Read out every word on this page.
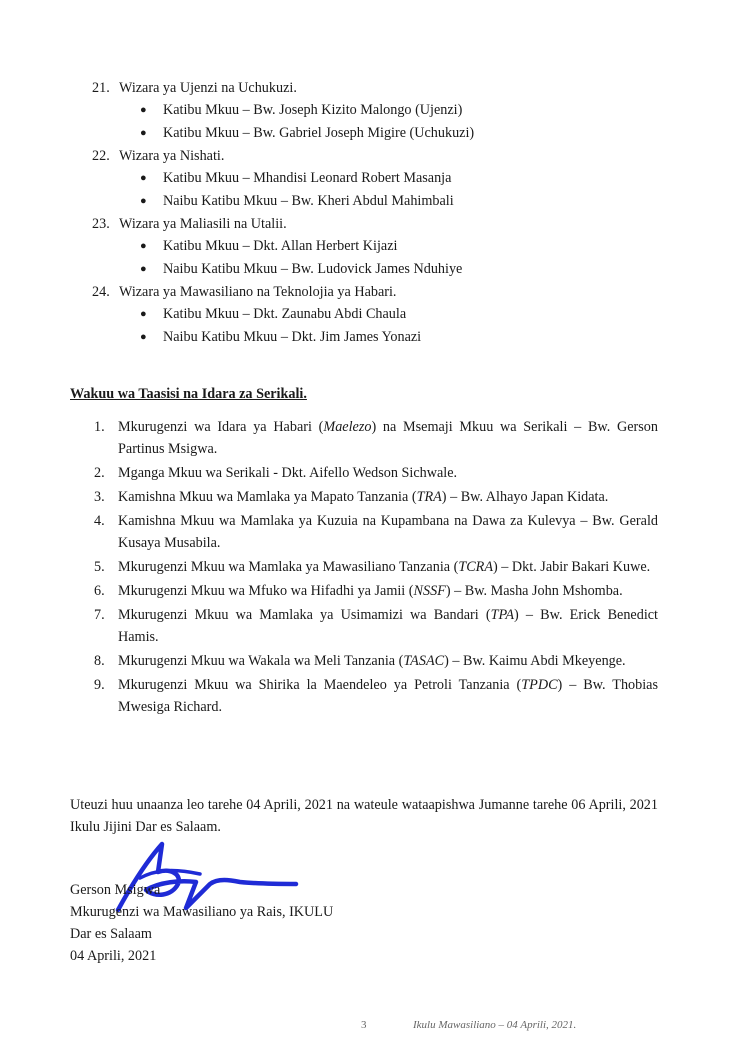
21. Wizara ya Ujenzi na Uchukuzi.
●	Katibu Mkuu – Bw. Joseph Kizito Malongo (Ujenzi)
●	Katibu Mkuu – Bw. Gabriel Joseph Migire (Uchukuzi)
22. Wizara ya Nishati.
●	Katibu Mkuu – Mhandisi Leonard Robert Masanja
●	Naibu Katibu Mkuu – Bw. Kheri Abdul Mahimbali
23. Wizara ya Maliasili na Utalii.
●	Katibu Mkuu – Dkt. Allan Herbert Kijazi
●	Naibu Katibu Mkuu – Bw. Ludovick James Nduhiye
24. Wizara ya Mawasiliano na Teknolojia ya Habari.
●	Katibu Mkuu – Dkt. Zaunabu Abdi Chaula
●	Naibu Katibu Mkuu – Dkt. Jim James Yonazi
Wakuu wa Taasisi na Idara za Serikali.
1. Mkurugenzi wa Idara ya Habari (Maelezo) na Msemaji Mkuu wa Serikali – Bw. Gerson Partinus Msigwa.
2. Mganga Mkuu wa Serikali - Dkt. Aifello Wedson Sichwale.
3. Kamishna Mkuu wa Mamlaka ya Mapato Tanzania (TRA) – Bw. Alhayo Japan Kidata.
4. Kamishna Mkuu wa Mamlaka ya Kuzuia na Kupambana na Dawa za Kulevya – Bw. Gerald Kusaya Musabila.
5. Mkurugenzi Mkuu wa Mamlaka ya Mawasiliano Tanzania (TCRA) – Dkt. Jabir Bakari Kuwe.
6. Mkurugenzi Mkuu wa Mfuko wa Hifadhi ya Jamii (NSSF) – Bw. Masha John Mshomba.
7. Mkurugenzi Mkuu wa Mamlaka ya Usimamizi wa Bandari (TPA) – Bw. Erick Benedict Hamis.
8. Mkurugenzi Mkuu wa Wakala wa Meli Tanzania (TASAC) – Bw. Kaimu Abdi Mkeyenge.
9. Mkurugenzi Mkuu wa Shirika la Maendeleo ya Petroli Tanzania (TPDC) – Bw. Thobias Mwesiga Richard.
Uteuzi huu unaanza leo tarehe 04 Aprili, 2021 na wateule wataapishwa Jumanne tarehe 06 Aprili, 2021 Ikulu Jijini Dar es Salaam.
Gerson Msigwa
Mkurugenzi wa Mawasiliano ya Rais, IKULU
Dar es Salaam
04 Aprili, 2021
3	Ikulu Mawasiliano – 04 Aprili, 2021.
